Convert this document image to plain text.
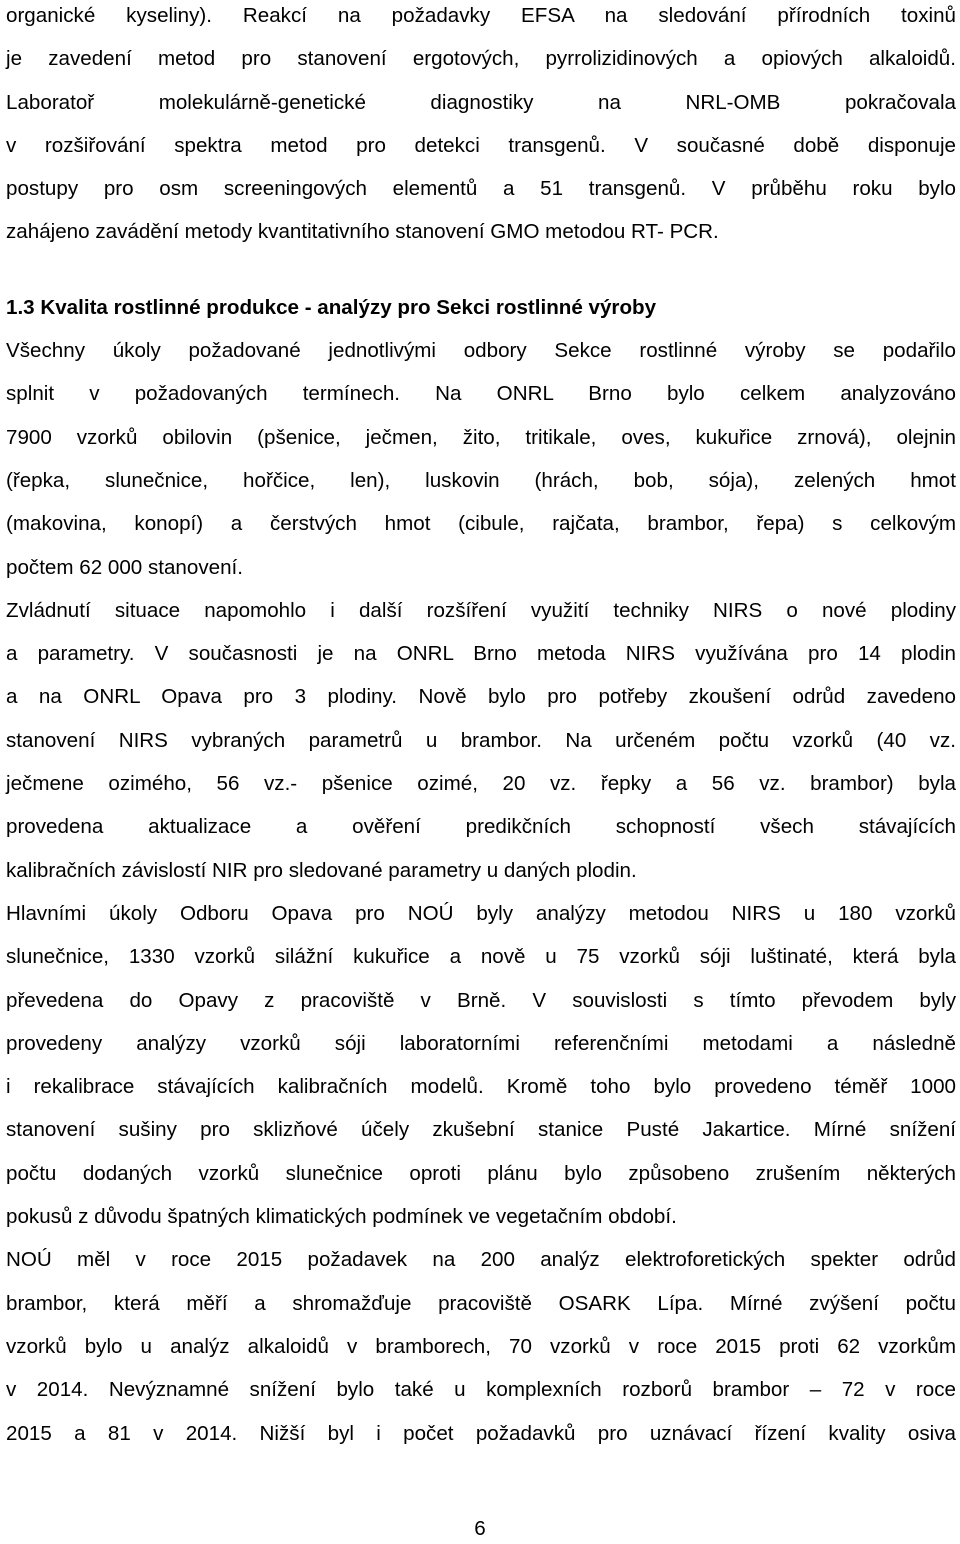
organické kyseliny). Reakcí na požadavky EFSA na sledování přírodních toxinů
je zavedení metod pro stanovení ergotových, pyrrolizidinových a opiových alkaloidů.
Laboratoř molekulárně-genetické diagnostiky na NRL-OMB pokračovala
v rozšiřování spektra metod pro detekci transgenů. V současné době disponuje
postupy pro osm screeningových elementů a 51 transgenů. V průběhu roku bylo
zahájeno zavádění metody kvantitativního stanovení GMO metodou RT- PCR.
1.3 Kvalita rostlinné produkce - analýzy pro Sekci rostlinné výroby
Všechny úkoly požadované jednotlivými odbory Sekce rostlinné výroby se podařilo
splnit v požadovaných termínech. Na ONRL Brno bylo celkem analyzováno
7900 vzorků obilovin (pšenice, ječmen, žito, tritikale, oves, kukuřice zrnová), olejnin
(řepka, slunečnice, hořčice, len), luskovin (hrách, bob, sója), zelených hmot
(makovina, konopí) a čerstvých hmot (cibule, rajčata, brambor, řepa) s celkovým
počtem 62 000 stanovení.
Zvládnutí situace napomohlo i další rozšíření využití techniky NIRS o nové plodiny
a parametry. V současnosti je na ONRL Brno metoda NIRS využívána pro 14 plodin
a na ONRL Opava pro 3 plodiny. Nově bylo pro potřeby zkoušení odrůd zavedeno
stanovení NIRS vybraných parametrů u brambor. Na určeném počtu vzorků (40 vz.
ječmene ozimého, 56 vz.- pšenice ozimé, 20 vz. řepky a 56 vz. brambor) byla
provedena aktualizace a ověření predikčních schopností všech stávajících
kalibračních závislostí NIR pro sledované parametry u daných plodin.
Hlavními úkoly Odboru Opava pro NOÚ byly analýzy metodou NIRS u 180 vzorků
slunečnice, 1330 vzorků silážní kukuřice a nově u 75 vzorků sóji luštinaté, která byla
převedena do Opavy z pracoviště v Brně. V souvislosti s tímto převodem byly
provedeny analýzy vzorků sóji laboratorními referenčními metodami a následně
i rekalibrace stávajících kalibračních modelů. Kromě toho bylo provedeno téměř 1000
stanovení sušiny pro sklizňové účely zkušební stanice Pusté Jakartice. Mírné snížení
počtu dodaných vzorků slunečnice oproti plánu bylo způsobeno zrušením některých
pokusů z důvodu špatných klimatických podmínek ve vegetačním období.
NOÚ měl v roce 2015 požadavek na 200 analýz elektroforetických spekter odrůd
brambor, která měří a shromažďuje pracoviště OSARK Lípa. Mírné zvýšení počtu
vzorků bylo u analýz alkaloidů v bramborech, 70 vzorků v roce 2015 proti 62 vzorkům
v 2014. Nevýznamné snížení bylo také u komplexních rozborů brambor – 72 v roce
2015 a 81 v 2014. Nižší byl i počet požadavků pro uznávací řízení kvality osiva
6
